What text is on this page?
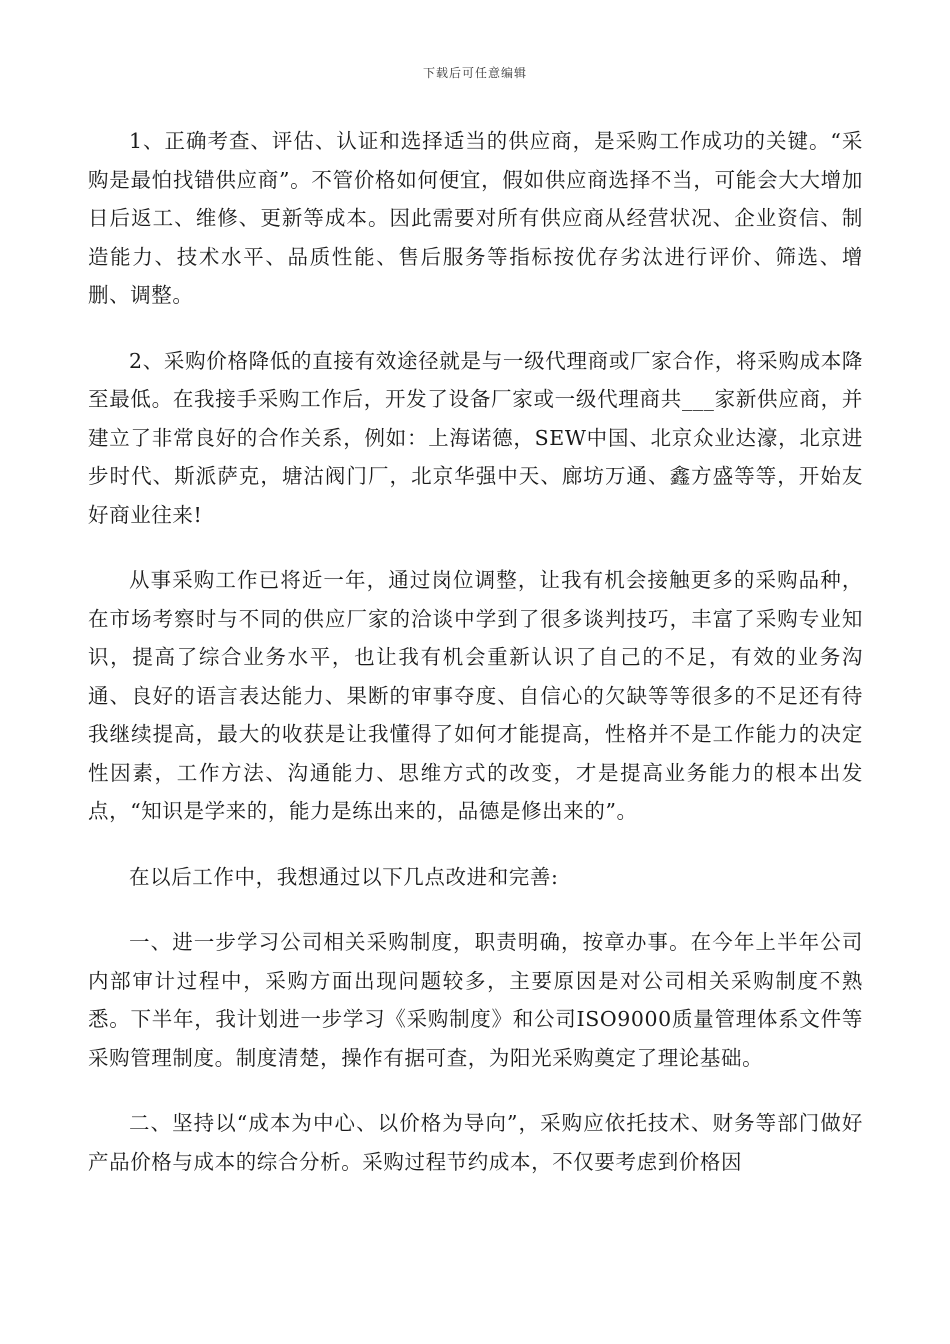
下载后可任意编辑

1、正确考查、评估、认证和选择适当的供应商，是采购工作成功的关键。“采购是最怕找错供应商”。不管价格如何便宜，假如供应商选择不当，可能会大大增加日后返工、维修、更新等成本。因此需要对所有供应商从经营状况、企业资信、制造能力、技术水平、品质性能、售后服务等指标按优存劣汰进行评价、筛选、增删、调整。

2、采购价格降低的直接有效途径就是与一级代理商或厂家合作，将采购成本降至最低。在我接手采购工作后，开发了设备厂家或一级代理商共___家新供应商，并建立了非常良好的合作关系，例如：上海诺德，SEW中国、北京众业达濠，北京进步时代、斯派萨克，塘沽阀门厂，北京华强中天、廊坊万通、鑫方盛等等，开始友好商业往来!

从事采购工作已将近一年，通过岗位调整，让我有机会接触更多的采购品种，在市场考察时与不同的供应厂家的洽谈中学到了很多谈判技巧，丰富了采购专业知识，提高了综合业务水平，也让我有机会重新认识了自己的不足，有效的业务沟通、良好的语言表达能力、果断的审事夺度、自信心的欠缺等等很多的不足还有待我继续提高，最大的收获是让我懂得了如何才能提高，性格并不是工作能力的决定性因素，工作方法、沟通能力、思维方式的改变，才是提高业务能力的根本出发点，“知识是学来的，能力是练出来的，品德是修出来的”。

在以后工作中，我想通过以下几点改进和完善:

一、进一步学习公司相关采购制度，职责明确，按章办事。在今年上半年公司内部审计过程中，采购方面出现问题较多，主要原因是对公司相关采购制度不熟悉。下半年，我计划进一步学习《采购制度》和公司ISO9000质量管理体系文件等采购管理制度。制度清楚，操作有据可查，为阳光采购奠定了理论基础。

二、坚持以“成本为中心、以价格为导向”，采购应依托技术、财务等部门做好产品价格与成本的综合分析。采购过程节约成本，不仅要考虑到价格因
